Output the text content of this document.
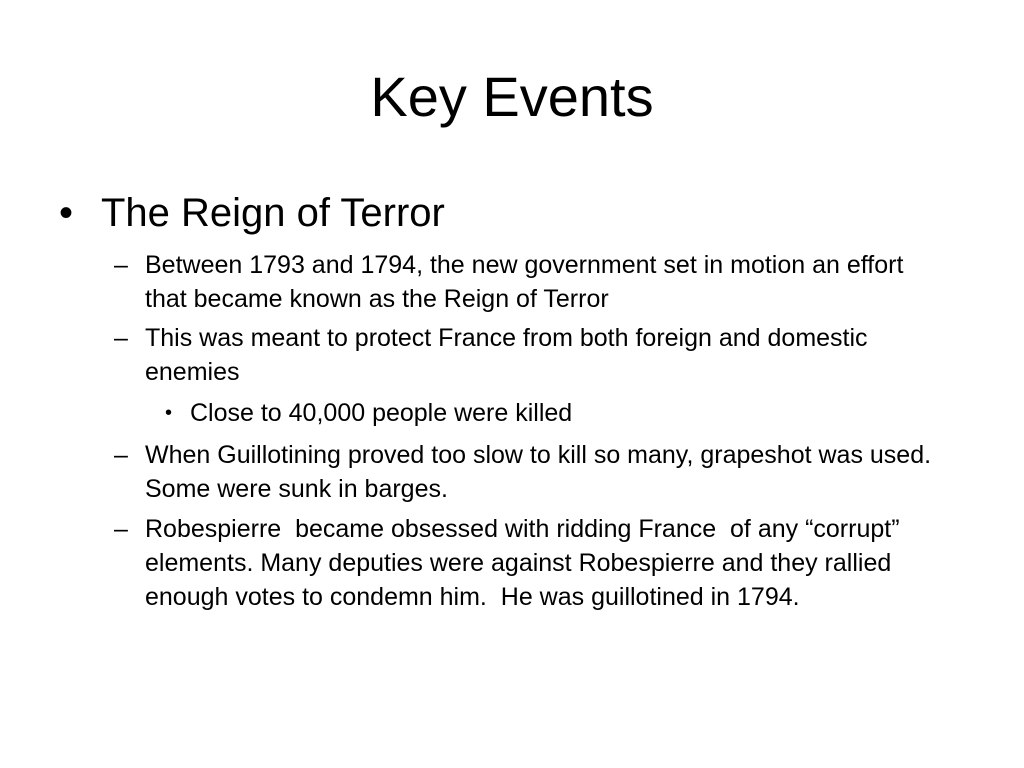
Key Events
• The Reign of Terror
– Between 1793 and 1794, the new government set in motion an effort that became known as the Reign of Terror
– This was meant to protect France from both foreign and domestic enemies
• Close to 40,000 people were killed
– When Guillotining proved too slow to kill so many, grapeshot was used. Some were sunk in barges.
– Robespierre  became obsessed with ridding France  of any “corrupt” elements. Many deputies were against Robespierre and they rallied enough votes to condemn him.  He was guillotined in 1794.
